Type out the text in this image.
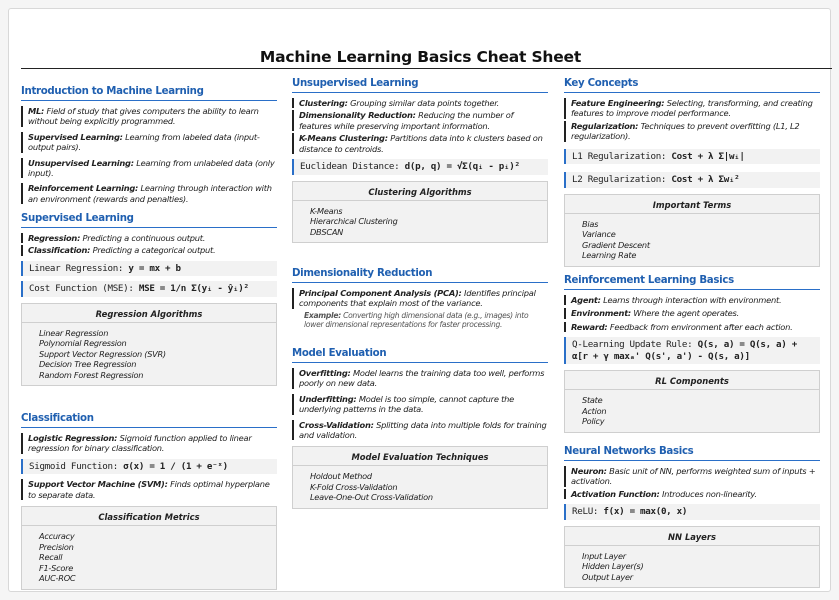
Machine Learning Basics Cheat Sheet
Introduction to Machine Learning
ML: Field of study that gives computers the ability to learn without being explicitly programmed.
Supervised Learning: Learning from labeled data (input-output pairs).
Unsupervised Learning: Learning from unlabeled data (only input).
Reinforcement Learning: Learning through interaction with an environment (rewards and penalties).
Supervised Learning
Regression: Predicting a continuous output.
Classification: Predicting a categorical output.
Linear Regression: y = mx + b
Cost Function (MSE): MSE = 1/n Σ(yᵢ - ŷᵢ)²
Regression Algorithms
Linear Regression
Polynomial Regression
Support Vector Regression (SVR)
Decision Tree Regression
Random Forest Regression
Classification
Logistic Regression: Sigmoid function applied to linear regression for binary classification.
Sigmoid Function: σ(x) = 1 / (1 + e⁻ˣ)
Support Vector Machine (SVM): Finds optimal hyperplane to separate data.
Classification Metrics
Accuracy
Precision
Recall
F1-Score
AUC-ROC
Unsupervised Learning
Clustering: Grouping similar data points together.
Dimensionality Reduction: Reducing the number of features while preserving important information.
K-Means Clustering: Partitions data into k clusters based on distance to centroids.
Euclidean Distance: d(p, q) = √Σ(qᵢ - pᵢ)²
Clustering Algorithms
K-Means
Hierarchical Clustering
DBSCAN
Dimensionality Reduction
Principal Component Analysis (PCA): Identifies principal components that explain most of the variance.
Example: Converting high dimensional data (e.g., images) into lower dimensional representations for faster processing.
Model Evaluation
Overfitting: Model learns the training data too well, performs poorly on new data.
Underfitting: Model is too simple, cannot capture the underlying patterns in the data.
Cross-Validation: Splitting data into multiple folds for training and validation.
Model Evaluation Techniques
Holdout Method
K-Fold Cross-Validation
Leave-One-Out Cross-Validation
Key Concepts
Feature Engineering: Selecting, transforming, and creating features to improve model performance.
Regularization: Techniques to prevent overfitting (L1, L2 regularization).
L1 Regularization: Cost + λ Σ|wᵢ|
L2 Regularization: Cost + λ Σwᵢ²
Important Terms
Bias
Variance
Gradient Descent
Learning Rate
Reinforcement Learning Basics
Agent: Learns through interaction with environment.
Environment: Where the agent operates.
Reward: Feedback from environment after each action.
Q-Learning Update Rule: Q(s, a) = Q(s, a) + α[r + γ maxₐ' Q(s', a') - Q(s, a)]
RL Components
State
Action
Policy
Neural Networks Basics
Neuron: Basic unit of NN, performs weighted sum of inputs + activation.
Activation Function: Introduces non-linearity.
ReLU: f(x) = max(0, x)
NN Layers
Input Layer
Hidden Layer(s)
Output Layer
